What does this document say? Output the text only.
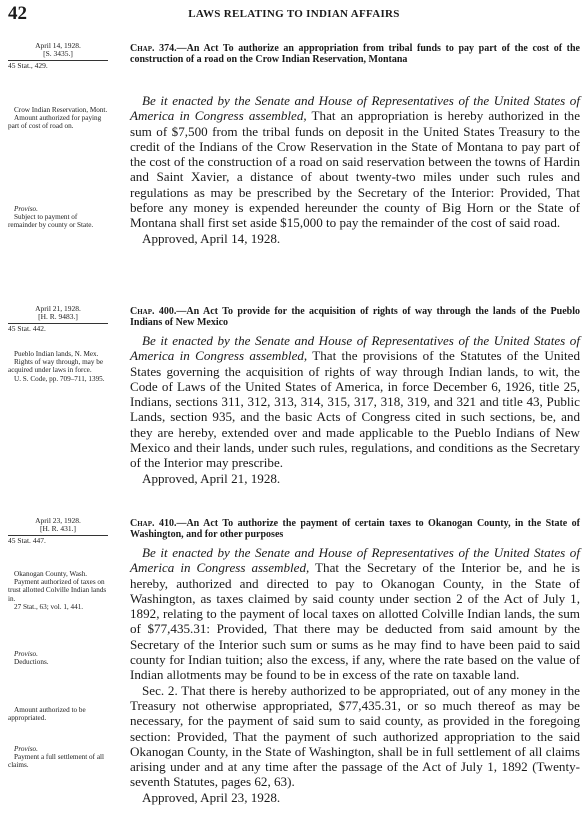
42	LAWS RELATING TO INDIAN AFFAIRS
April 14, 1928.
[S. 3435.]
45 Stat., 429.
Chap. 374.—An Act To authorize an appropriation from tribal funds to pay part of the cost of the construction of a road on the Crow Indian Reservation, Montana
Crow Indian Reservation, Mont.
Amount authorized for paying part of cost of road on.
Proviso.
Subject to payment of remainder by county or State.

Be it enacted by the Senate and House of Representatives of the United States of America in Congress assembled, That an appropriation is hereby authorized in the sum of $7,500 from the tribal funds on deposit in the United States Treasury to the credit of the Indians of the Crow Reservation in the State of Montana to pay part of the cost of the construction of a road on said reservation between the towns of Hardin and Saint Xavier, a distance of about twenty-two miles under such rules and regulations as may be prescribed by the Secretary of the Interior: Provided, That before any money is expended hereunder the county of Big Horn or the State of Montana shall first set aside $15,000 to pay the remainder of the cost of said road.

Approved, April 14, 1928.

April 21, 1928.
[H. R. 9483.]
45 Stat. 442.
Chap. 400.—An Act To provide for the acquisition of rights of way through the lands of the Pueblo Indians of New Mexico
Pueblo Indian lands, N. Mex.
Rights of way through, may be acquired under laws in force.
U. S. Code, pp. 709–711, 1395.

Be it enacted by the Senate and House of Representatives of the United States of America in Congress assembled, That the provisions of the Statutes of the United States governing the acquisition of rights of way through Indian lands, to wit, the Code of Laws of the United States of America, in force December 6, 1926, title 25, Indians, sections 311, 312, 313, 314, 315, 317, 318, 319, and 321 and title 43, Public Lands, section 935, and the basic Acts of Congress cited in such sections, be, and they are hereby, extended over and made applicable to the Pueblo Indians of New Mexico and their lands, under such rules, regulations, and conditions as the Secretary of the Interior may prescribe.

Approved, April 21, 1928.

April 23, 1928.
[H. R. 431.]
45 Stat. 447.
Chap. 410.—An Act To authorize the payment of certain taxes to Okanogan County, in the State of Washington, and for other purposes
Okanogan County, Wash.
Payment authorized of taxes on trust allotted Colville Indian lands in.
27 Stat., 63; vol. 1, 441.
Proviso.
Deductions.
Amount authorized to be appropriated.
Proviso.
Payment a full settlement of all claims.

Be it enacted by the Senate and House of Representatives of the United States of America in Congress assembled, That the Secretary of the Interior be, and he is hereby, authorized and directed to pay to Okanogan County, in the State of Washington, as taxes claimed by said county under section 2 of the Act of July 1, 1892, relating to the payment of local taxes on allotted Colville Indian lands, the sum of $77,435.31: Provided, That there may be deducted from said amount by the Secretary of the Interior such sum or sums as he may find to have been paid to said county for Indian tuition; also the excess, if any, where the rate based on the value of Indian allotments may be found to be in excess of the rate on taxable land.

Sec. 2. That there is hereby authorized to be appropriated, out of any money in the Treasury not otherwise appropriated, $77,435.31, or so much thereof as may be necessary, for the payment of said sum to said county, as provided in the foregoing section: Provided, That the payment of such authorized appropriation to the said Okanogan County, in the State of Washington, shall be in full settlement of all claims arising under and at any time after the passage of the Act of July 1, 1892 (Twenty-seventh Statutes, pages 62, 63).

Approved, April 23, 1928.
